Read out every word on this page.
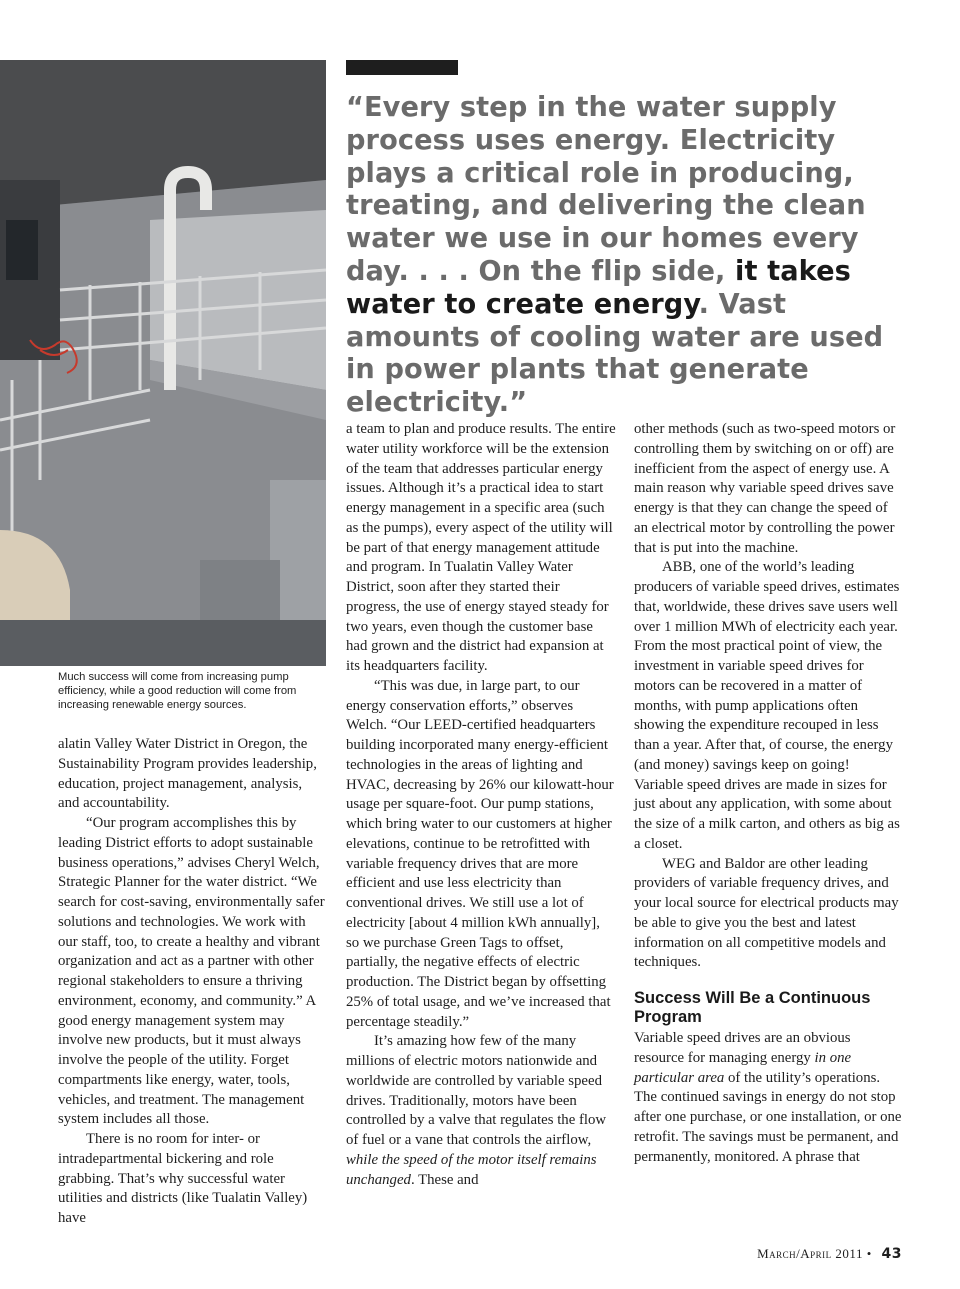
Much success will come from increasing pump efficiency, while a good reduction will come from increasing renewable energy sources.
“Every step in the water supply process uses energy. Electricity plays a critical role in producing, treating, and delivering the clean water we use in our homes every day. . . . On the flip side, it takes water to create energy. Vast amounts of cooling water are used in power plants that generate electricity.”

alatin Valley Water District in Oregon, the Sustainability Program provides leadership, education, project management, analysis, and accountability.

“Our program accomplishes this by leading District efforts to adopt sustainable business operations,” advises Cheryl Welch, Strategic Planner for the water district. “We search for cost-saving, environmentally safer solutions and technologies. We work with our staff, too, to create a healthy and vibrant organization and act as a partner with other regional stakeholders to ensure a thriving environment, economy, and community.” A good energy management system may involve new products, but it must always involve the people of the utility. Forget compartments like energy, water, tools, vehicles, and treatment. The management system includes all those.

There is no room for inter- or intradepartmental bickering and role grabbing. That’s why successful water utilities and districts (like Tualatin Valley) have

a team to plan and produce results. The entire water utility workforce will be the extension of the team that addresses particular energy issues. Although it’s a practical idea to start energy management in a specific area (such as the pumps), every aspect of the utility will be part of that energy management attitude and program. In Tualatin Valley Water District, soon after they started their progress, the use of energy stayed steady for two years, even though the customer base had grown and the district had expansion at its headquarters facility.

“This was due, in large part, to our energy conservation efforts,” observes Welch. “Our LEED-certified headquarters building incorporated many energy-efficient technologies in the areas of lighting and HVAC, decreasing by 26% our kilowatt-hour usage per square-foot. Our pump stations, which bring water to our customers at higher elevations, continue to be retrofitted with variable frequency drives that are more efficient and use less electricity than conventional drives. We still use a lot of electricity [about 4 million kWh annually], so we purchase Green Tags to offset, partially, the negative effects of electric production. The District began by offsetting 25% of total usage, and we’ve increased that percentage steadily.”

It’s amazing how few of the many millions of electric motors nationwide and worldwide are controlled by variable speed drives. Traditionally, motors have been controlled by a valve that regulates the flow of fuel or a vane that controls the airflow, while the speed of the motor itself remains unchanged. These and

other methods (such as two-speed motors or controlling them by switching on or off) are inefficient from the aspect of energy use. A main reason why variable speed drives save energy is that they can change the speed of an electrical motor by controlling the power that is put into the machine.

ABB, one of the world’s leading producers of variable speed drives, estimates that, worldwide, these drives save users well over 1 million MWh of electricity each year. From the most practical point of view, the investment in variable speed drives for motors can be recovered in a matter of months, with pump applications often showing the expenditure recouped in less than a year. After that, of course, the energy (and money) savings keep on going! Variable speed drives are made in sizes for just about any application, with some about the size of a milk carton, and others as big as a closet.

WEG and Baldor are other leading providers of variable frequency drives, and your local source for electrical products may be able to give you the best and latest information on all competitive models and techniques.

Success Will Be a Continuous Program

Variable speed drives are an obvious resource for managing energy in one particular area of the utility’s operations. The continued savings in energy do not stop after one purchase, or one installation, or one retrofit. The savings must be permanent, and permanently, monitored. A phrase that

March/April 2011 • 43
